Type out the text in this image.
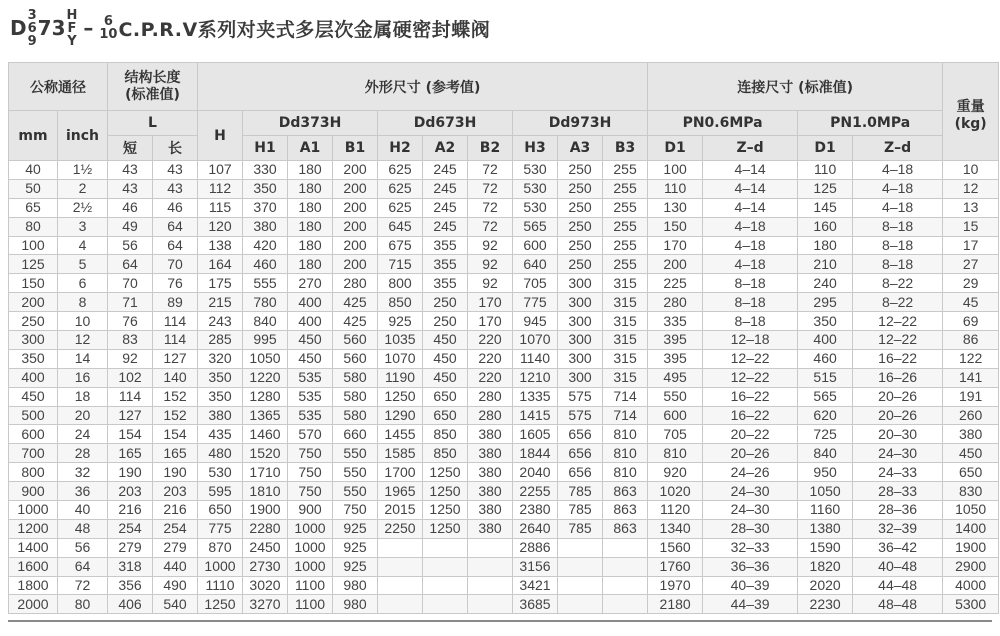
D
3
6
9
73
H
F
Y
– 6
10 C.P.R.V系列对夹式多层次金属硬密封蝶阀
公称通径		结构长度
(标准值)		外形尺寸 (参考值)										连接尺寸 (标准值)				重量
(kg)
mm	inch	L		H	Dd373H			Dd673H			Dd973H			PN0.6MPa		PN1.0MPa		
		短	长		H1	A1	B1	H2	A2	B2	H3	A3	B3	D1	Z–d	D1	Z–d	
40	1½	43	43	107	330	180	200	625	245	72	530	250	255	100	4–14	110	4–18	10
50	2	43	43	112	350	180	200	625	245	72	530	250	255	110	4–14	125	4–18	12
65	2½	46	46	115	370	180	200	625	245	72	530	250	255	130	4–14	145	4–18	13
80	3	49	64	120	380	180	200	645	245	72	565	250	255	150	4–18	160	8–18	15
100	4	56	64	138	420	180	200	675	355	92	600	250	255	170	4–18	180	8–18	17
125	5	64	70	164	460	180	200	715	355	92	640	250	255	200	4–18	210	8–18	27
150	6	70	76	175	555	270	280	800	355	92	705	300	315	225	8–18	240	8–22	29
200	8	71	89	215	780	400	425	850	250	170	775	300	315	280	8–18	295	8–22	45
250	10	76	114	243	840	400	425	925	250	170	945	300	315	335	8–18	350	12–22	69
300	12	83	114	285	995	450	560	1035	450	220	1070	300	315	395	12–18	400	12–22	86
350	14	92	127	320	1050	450	560	1070	450	220	1140	300	315	395	12–22	460	16–22	122
400	16	102	140	350	1220	535	580	1190	450	220	1210	300	315	495	12–22	515	16–26	141
450	18	114	152	350	1280	535	580	1250	650	280	1335	575	714	550	16–22	565	20–26	191
500	20	127	152	380	1365	535	580	1290	650	280	1415	575	714	600	16–22	620	20–26	260
600	24	154	154	435	1460	570	660	1455	850	380	1605	656	810	705	20–22	725	20–30	380
700	28	165	165	480	1520	750	550	1585	850	380	1844	656	810	810	20–26	840	24–30	450
800	32	190	190	530	1710	750	550	1700	1250	380	2040	656	810	920	24–26	950	24–33	650
900	36	203	203	595	1810	750	550	1965	1250	380	2255	785	863	1020	24–30	1050	28–33	830
1000	40	216	216	650	1900	900	750	2015	1250	380	2380	785	863	1120	24–30	1160	28–36	1050
1200	48	254	254	775	2280	1000	925	2250	1250	380	2640	785	863	1340	28–30	1380	32–39	1400
1400	56	279	279	870	2450	1000	925				2886			1560	32–33	1590	36–42	1900
1600	64	318	440	1000	2730	1000	925				3156			1760	36–36	1820	40–48	2900
1800	72	356	490	1110	3020	1100	980				3421			1970	40–39	2020	44–48	4000
2000	80	406	540	1250	3270	1100	980				3685			2180	44–39	2230	48–48	5300
